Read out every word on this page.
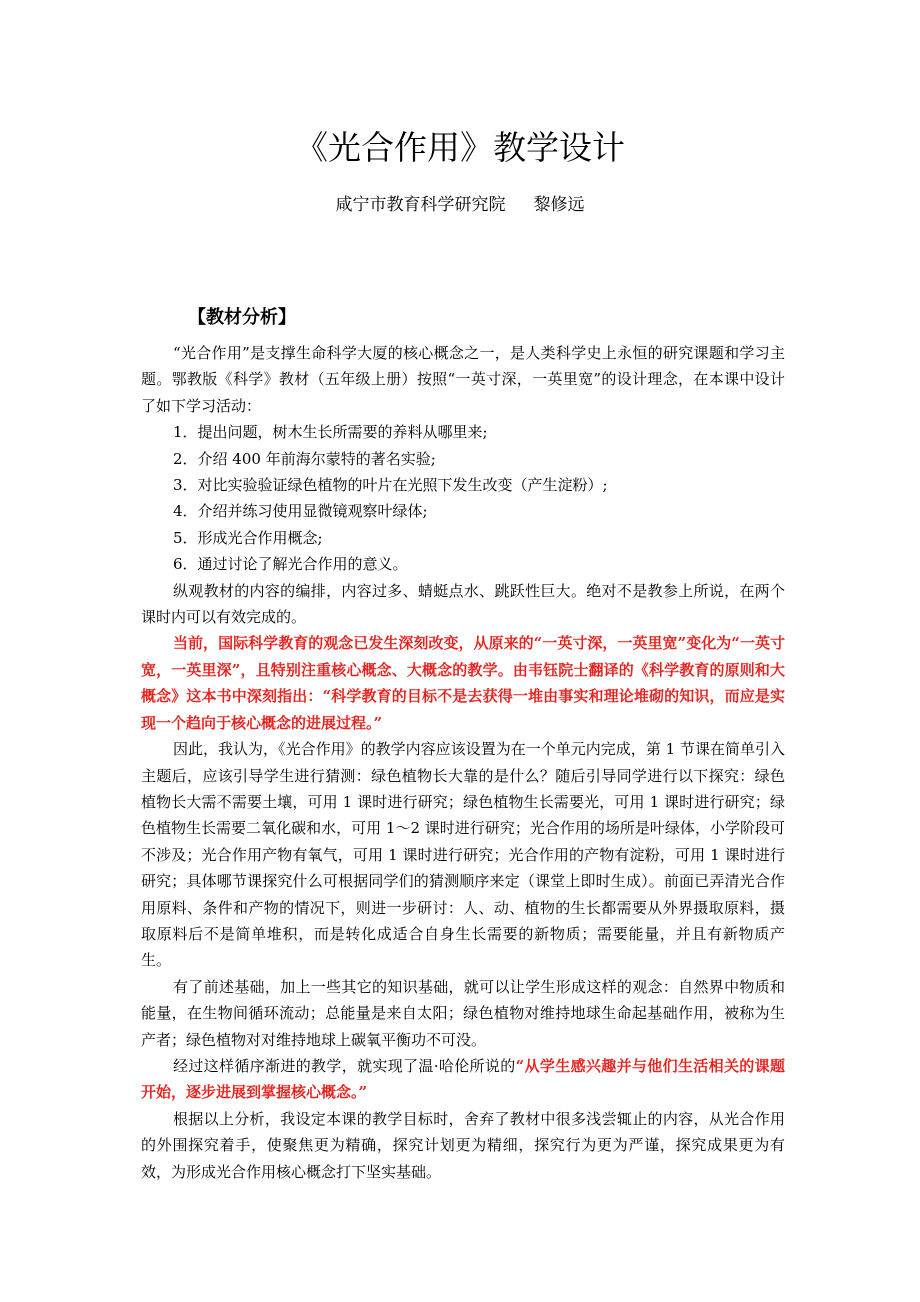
《光合作用》教学设计
咸宁市教育科学研究院 黎修远
【教材分析】

“光合作用”是支撑生命科学大厦的核心概念之一，是人类科学史上永恒的研究课题和学习主题。鄂教版《科学》教材（五年级上册）按照“一英寸深，一英里宽”的设计理念，在本课中设计了如下学习活动：

1．提出问题，树木生长所需要的养料从哪里来;

2．介绍 400 年前海尔蒙特的著名实验;

3．对比实验验证绿色植物的叶片在光照下发生改变（产生淀粉）;

4．介绍并练习使用显微镜观察叶绿体;

5．形成光合作用概念;

6．通过讨论了解光合作用的意义。

纵观教材的内容的编排，内容过多、蜻蜓点水、跳跃性巨大。绝对不是教参上所说，在两个课时内可以有效完成的。

当前，国际科学教育的观念已发生深刻改变，从原来的“一英寸深，一英里宽”变化为“一英寸宽，一英里深”，且特别注重核心概念、大概念的教学。由韦钰院士翻译的《科学教育的原则和大概念》这本书中深刻指出：“科学教育的目标不是去获得一堆由事实和理论堆砌的知识，而应是实现一个趋向于核心概念的进展过程。”

因此，我认为，《光合作用》的教学内容应该设置为在一个单元内完成，第 1 节课在简单引入主题后，应该引导学生进行猜测：绿色植物长大靠的是什么？随后引导同学进行以下探究：绿色植物长大需不需要土壤，可用 1 课时进行研究；绿色植物生长需要光，可用 1 课时进行研究；绿色植物生长需要二氧化碳和水，可用 1～2 课时进行研究；光合作用的场所是叶绿体，小学阶段可不涉及；光合作用产物有氧气，可用 1 课时进行研究；光合作用的产物有淀粉，可用 1 课时进行研究；具体哪节课探究什么可根据同学们的猜测顺序来定（课堂上即时生成）。前面已弄清光合作用原料、条件和产物的情况下，则进一步研讨：人、动、植物的生长都需要从外界摄取原料，摄取原料后不是简单堆积，而是转化成适合自身生长需要的新物质；需要能量，并且有新物质产生。

有了前述基础，加上一些其它的知识基础，就可以让学生形成这样的观念：自然界中物质和能量，在生物间循环流动；总能量是来自太阳；绿色植物对维持地球生命起基础作用，被称为生产者；绿色植物对对维持地球上碳氧平衡功不可没。

经过这样循序渐进的教学，就实现了温·哈伦所说的“从学生感兴趣并与他们生活相关的课题开始，逐步进展到掌握核心概念。”

根据以上分析，我设定本课的教学目标时，舍弃了教材中很多浅尝辄止的内容，从光合作用的外围探究着手，使聚焦更为精确，探究计划更为精细，探究行为更为严谨，探究成果更为有效，为形成光合作用核心概念打下坚实基础。
